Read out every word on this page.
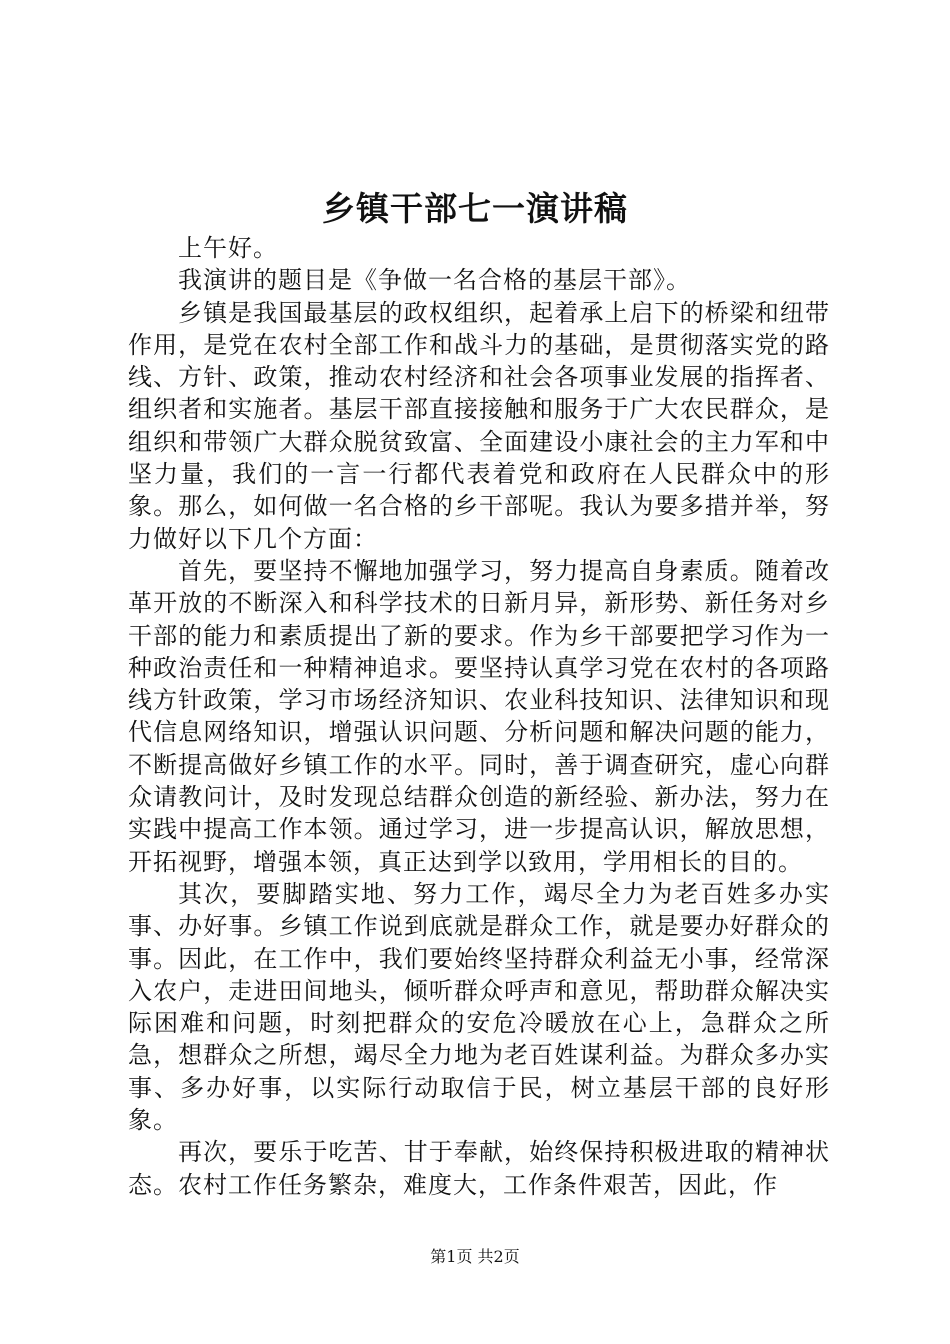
乡镇干部七一演讲稿

上午好。

我演讲的题目是《争做一名合格的基层干部》。

乡镇是我国最基层的政权组织，起着承上启下的桥梁和纽带作用，是党在农村全部工作和战斗力的基础，是贯彻落实党的路线、方针、政策，推动农村经济和社会各项事业发展的指挥者、组织者和实施者。基层干部直接接触和服务于广大农民群众，是组织和带领广大群众脱贫致富、全面建设小康社会的主力军和中坚力量，我们的一言一行都代表着党和政府在人民群众中的形象。那么，如何做一名合格的乡干部呢。我认为要多措并举，努力做好以下几个方面：

首先，要坚持不懈地加强学习，努力提高自身素质。随着改革开放的不断深入和科学技术的日新月异，新形势、新任务对乡干部的能力和素质提出了新的要求。作为乡干部要把学习作为一种政治责任和一种精神追求。要坚持认真学习党在农村的各项路线方针政策，学习市场经济知识、农业科技知识、法律知识和现代信息网络知识，增强认识问题、分析问题和解决问题的能力，不断提高做好乡镇工作的水平。同时，善于调查研究，虚心向群众请教问计，及时发现总结群众创造的新经验、新办法，努力在实践中提高工作本领。通过学习，进一步提高认识，解放思想，开拓视野，增强本领，真正达到学以致用，学用相长的目的。

其次，要脚踏实地、努力工作，竭尽全力为老百姓多办实事、办好事。乡镇工作说到底就是群众工作，就是要办好群众的事。因此，在工作中，我们要始终坚持群众利益无小事，经常深入农户，走进田间地头，倾听群众呼声和意见，帮助群众解决实际困难和问题，时刻把群众的安危冷暖放在心上，急群众之所急，想群众之所想，竭尽全力地为老百姓谋利益。为群众多办实事、多办好事，以实际行动取信于民，树立基层干部的良好形象。

再次，要乐于吃苦、甘于奉献，始终保持积极进取的精神状态。农村工作任务繁杂，难度大，工作条件艰苦，因此，作

第1页 共2页
